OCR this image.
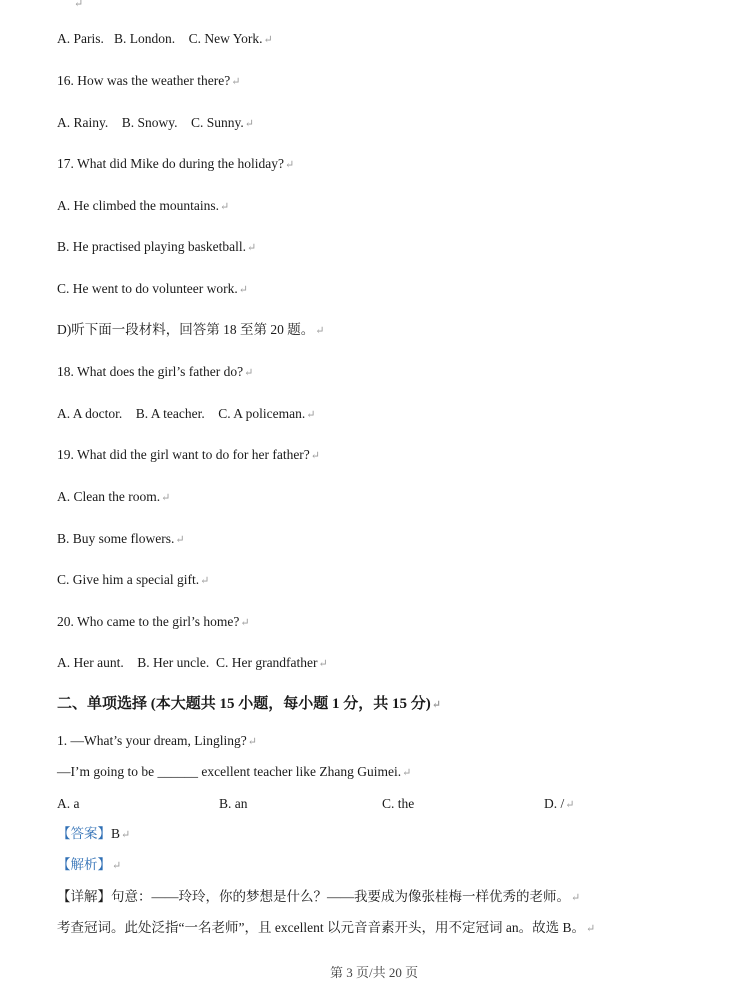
↵
A. Paris.   B. London.    C. New York.↵
16. How was the weather there?↵
A. Rainy.    B. Snowy.    C. Sunny.↵
17. What did Mike do during the holiday?↵
A. He climbed the mountains.↵
B. He practised playing basketball.↵
C. He went to do volunteer work.↵
D)听下面一段材料，回答第 18 至第 20 题。↵
18. What does the girl’s father do?↵
A. A doctor.    B. A teacher.    C. A policeman.↵
19. What did the girl want to do for her father?↵
A. Clean the room.↵
B. Buy some flowers.↵
C. Give him a special gift.↵
20. Who came to the girl’s home?↵
A. Her aunt.    B. Her uncle.  C. Her grandfather↵
二、单项选择 (本大题共 15 小题，每小题 1 分，共 15 分)↵
1. —What’s your dream, Lingling?↵
—I’m going to be ______ excellent teacher like Zhang Guimei.↵
A. a	B. an	C. the	D. /↵
【答案】B↵
【解析】↵
【详解】句意：——玲玲，你的梦想是什么？——我要成为像张桂梅一样优秀的老师。↵
考查冠词。此处泛指“一名老师”，且 excellent 以元音音素开头，用不定冠词 an。故选 B。↵
第 3 页/共 20 页
